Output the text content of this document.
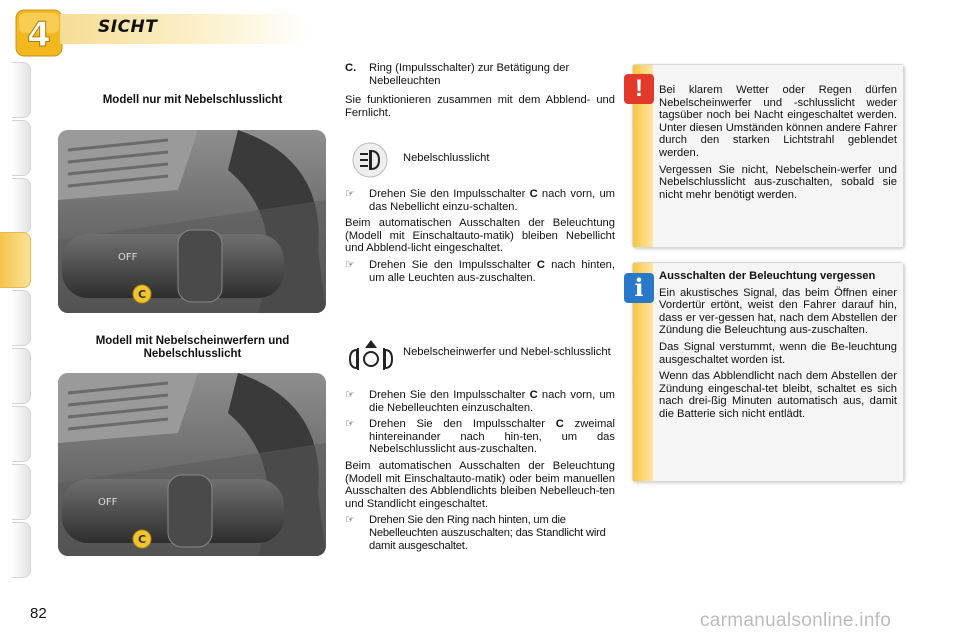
4	SICHT
Modell nur mit Nebelschlusslicht
OFF
C
Modell mit Nebelscheinwerfern und
Nebelschlusslicht
OFF
C
C. Ring (Impulsschalter) zur Betätigung der Nebelleuchten
Sie funktionieren zusammen mit dem Abblend- und Fernlicht.
Nebelschlusslicht
☞ Drehen Sie den Impulsschalter C nach vorn, um das Nebellicht einzu-schalten.
Beim automatischen Ausschalten der Beleuchtung (Modell mit Einschaltauto-matik) bleiben Nebellicht und Abblend-licht eingeschaltet.
☞ Drehen Sie den Impulsschalter C nach hinten, um alle Leuchten aus-zuschalten.
Nebelscheinwerfer und Nebel-schlusslicht
☞ Drehen Sie den Impulsschalter C nach vorn, um die Nebelleuchten einzuschalten.
☞ Drehen Sie den Impulsschalter C zweimal hintereinander nach hin-ten, um das Nebelschlusslicht aus-zuschalten.
Beim automatischen Ausschalten der Beleuchtung (Modell mit Einschaltauto-matik) oder beim manuellen Ausschalten des Abblendlichts bleiben Nebelleuch-ten und Standlicht eingeschaltet.
☞ Drehen Sie den Ring nach hinten, um die Nebelleuchten auszuschalten; das Standlicht wird damit ausgeschaltet.
Bei klarem Wetter oder Regen dürfen Nebelscheinwerfer und -schlusslicht weder tagsüber noch bei Nacht eingeschaltet werden. Unter diesen Umständen können andere Fahrer durch den starken Lichtstrahl geblendet werden.
Vergessen Sie nicht, Nebelschein-werfer und Nebelschlusslicht aus-zuschalten, sobald sie nicht mehr benötigt werden.
!
Ausschalten der Beleuchtung vergessen
Ein akustisches Signal, das beim Öffnen einer Vordertür ertönt, weist den Fahrer darauf hin, dass er ver-gessen hat, nach dem Abstellen der Zündung die Beleuchtung aus-zuschalten.
Das Signal verstummt, wenn die Be-leuchtung ausgeschaltet worden ist.
Wenn das Abblendlicht nach dem Abstellen der Zündung eingeschal-tet bleibt, schaltet es sich nach drei-ßig Minuten automatisch aus, damit die Batterie sich nicht entlädt.
i
82	carmanualsonline.info
